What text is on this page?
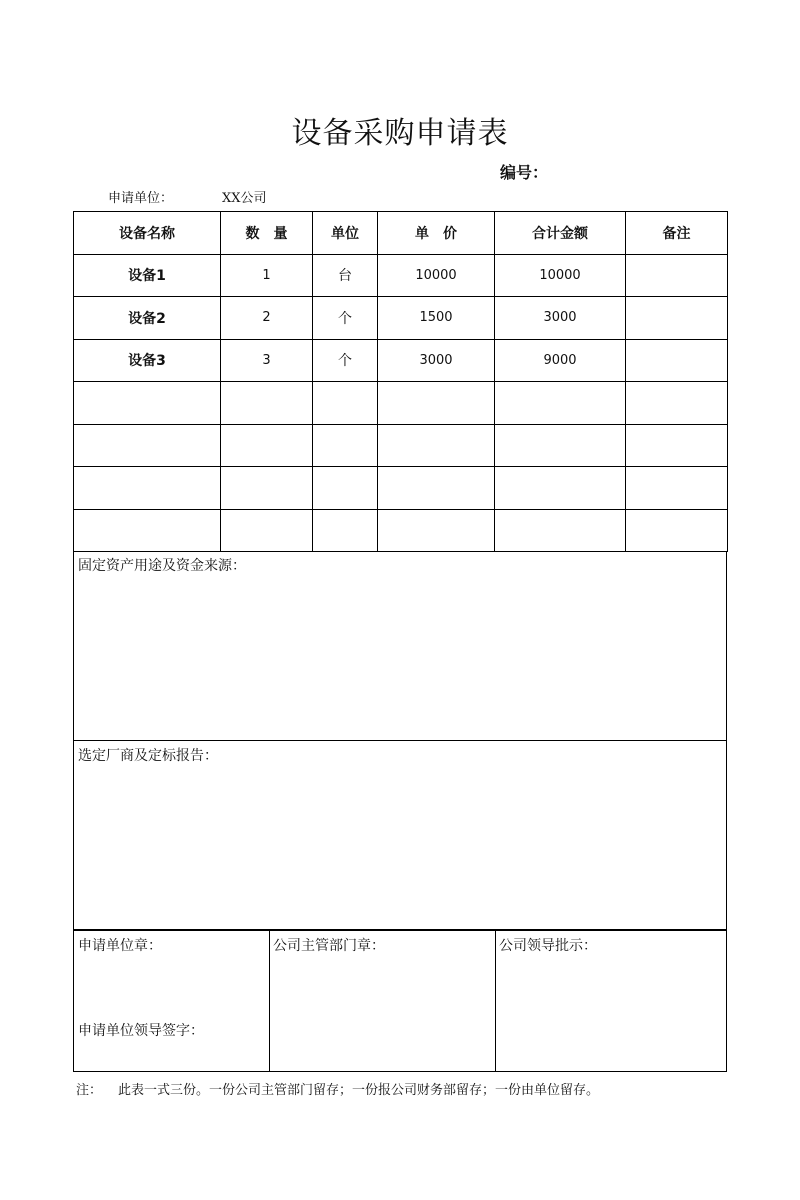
设备采购申请表
编号：
申请单位：	XX公司
设备名称	数　量	单位	单　价	合计金额	备注
设备1	1	台	10000	10000	
设备2	2	个	1500	3000	
设备3	3	个	3000	9000	

固定资产用途及资金来源：
选定厂商及定标报告：
申请单位章：
申请单位领导签字：
公司主管部门章：	公司领导批示：
注： 此表一式三份。一份公司主管部门留存；一份报公司财务部留存；一份由单位留存。
